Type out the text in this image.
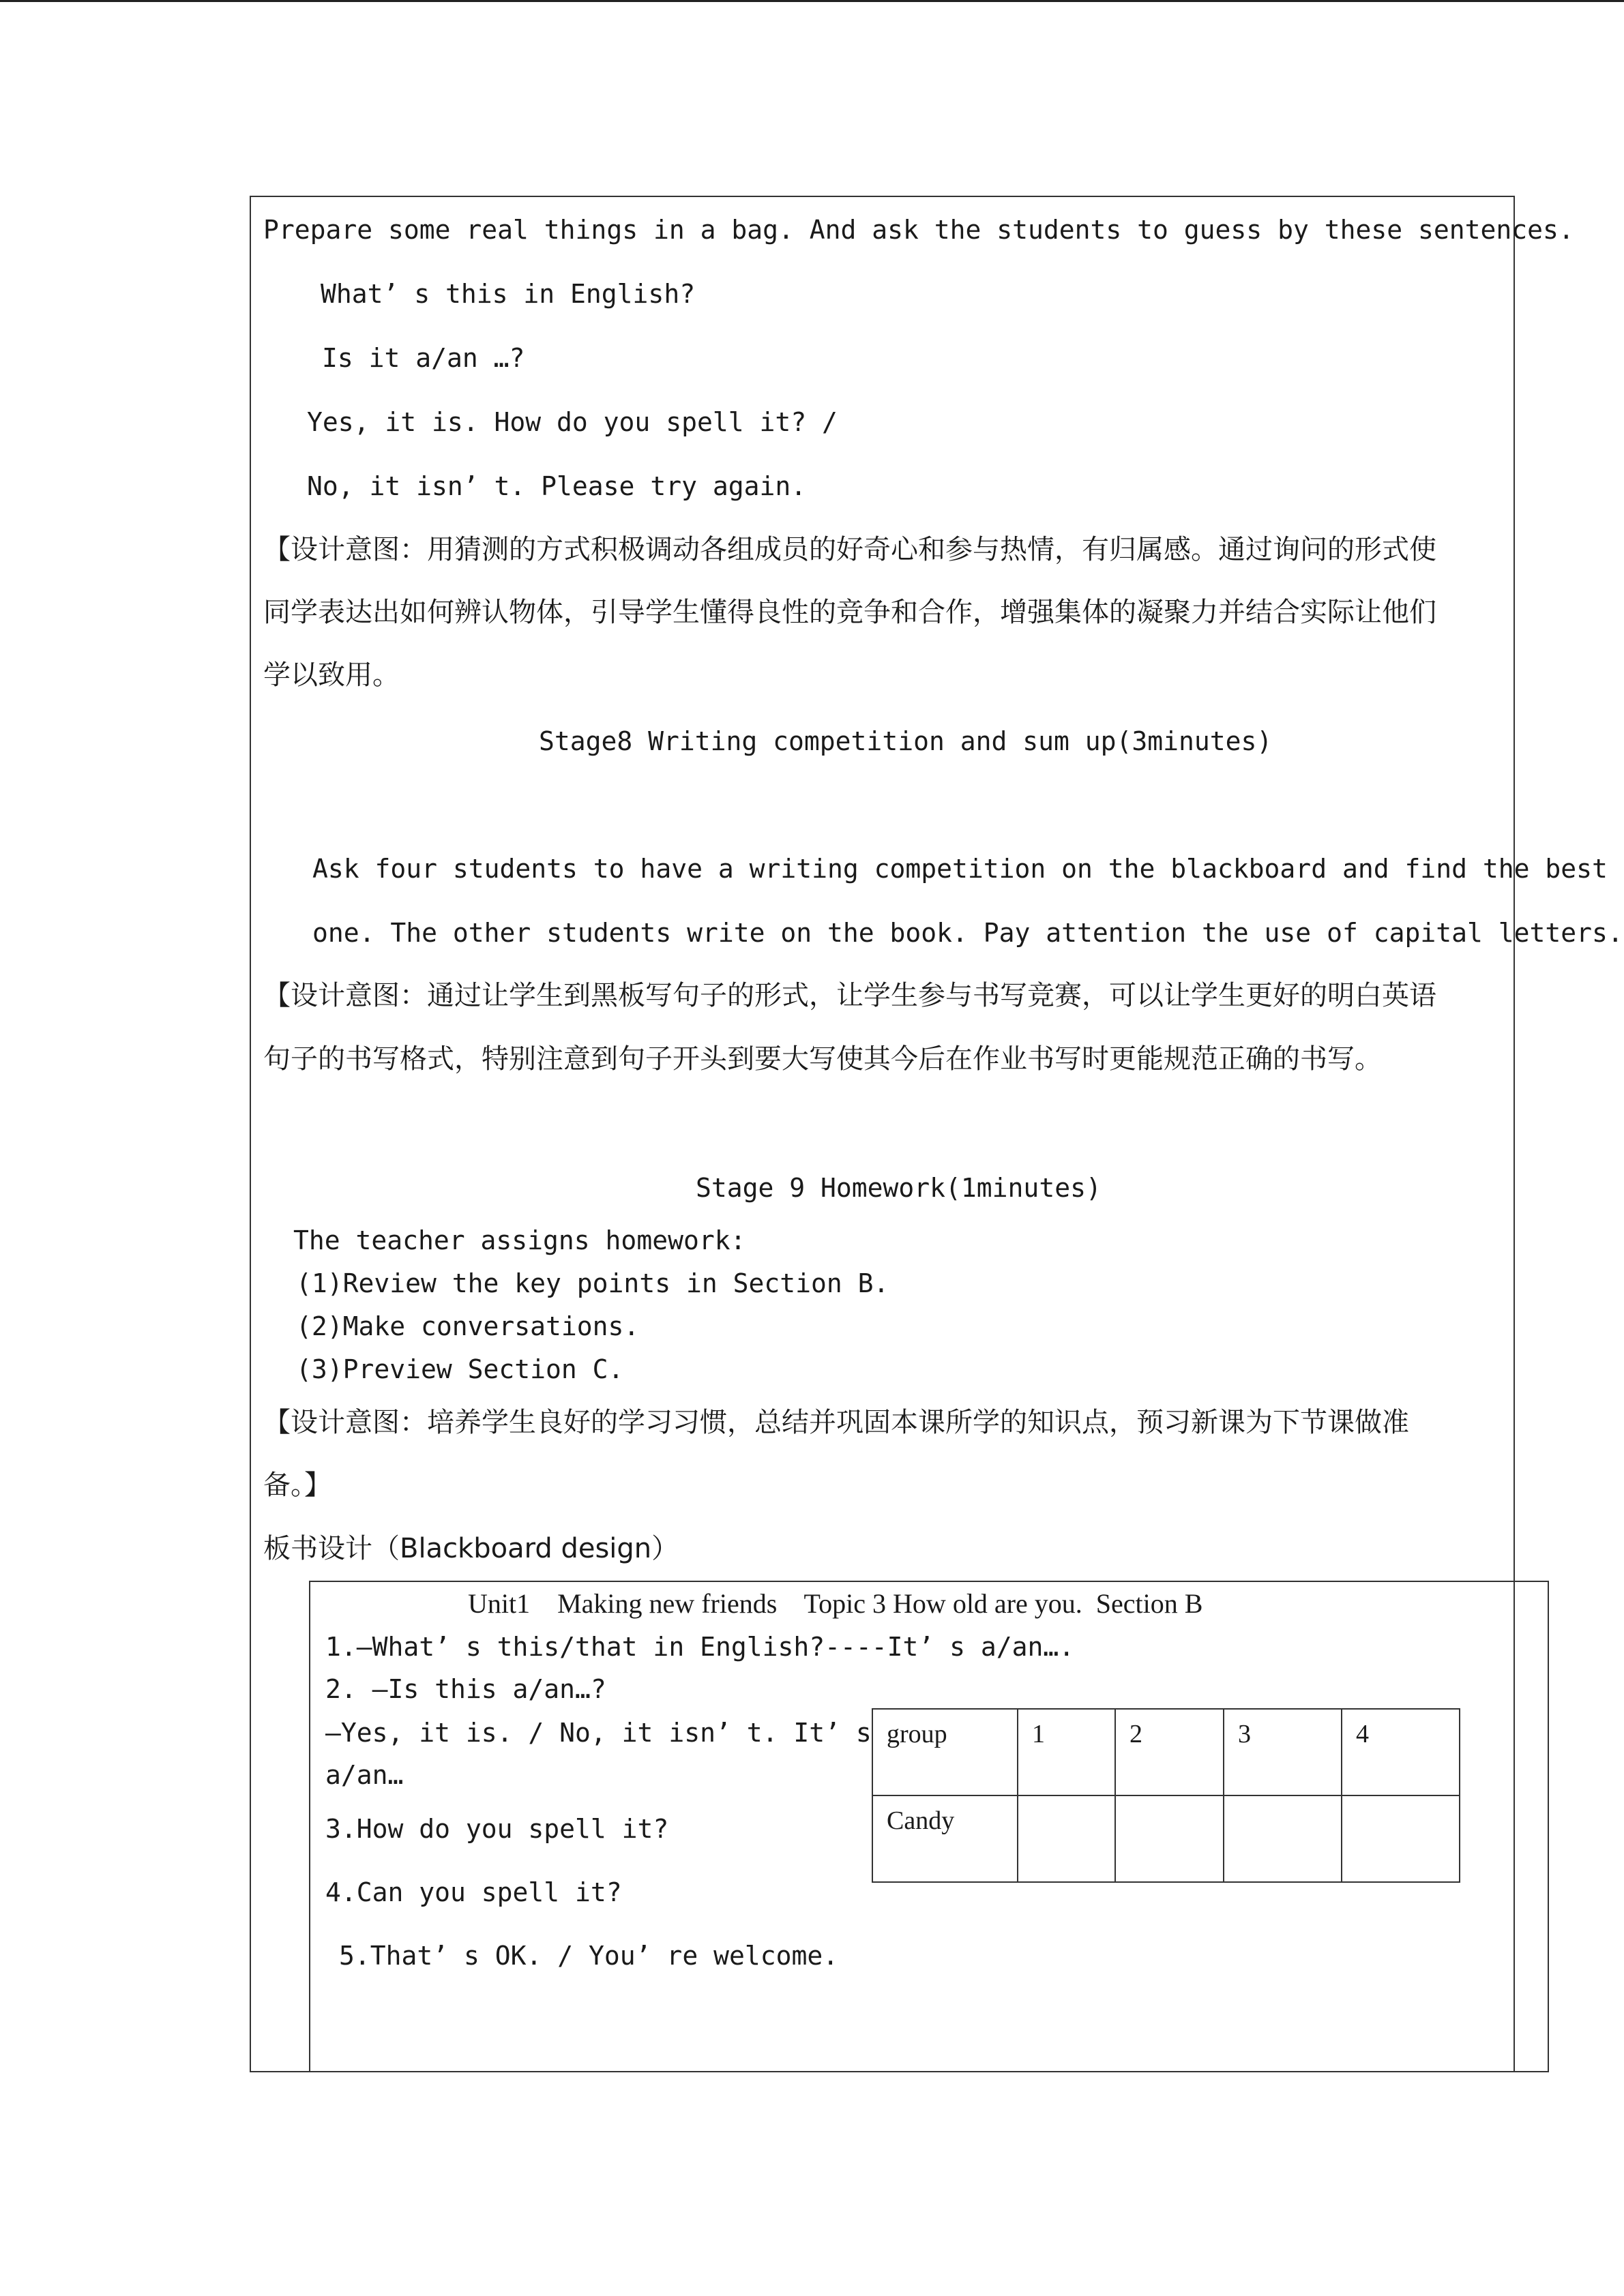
Prepare some real things in a bag. And ask the students to guess by these sentences.
What’ s this in English?
Is it a/an …?
Yes, it is. How do you spell it? /
No, it isn’ t. Please try again.
【设计意图：用猜测的方式积极调动各组成员的好奇心和参与热情，有归属感。通过询问的形式使
同学表达出如何辨认物体，引导学生懂得良性的竞争和合作，增强集体的凝聚力并结合实际让他们
学以致用。
Stage8 Writing competition and sum up(3minutes)
Ask four students to have a writing competition on the blackboard and find the best
one. The other students write on the book. Pay attention the use of capital letters.
【设计意图：通过让学生到黑板写句子的形式，让学生参与书写竞赛，可以让学生更好的明白英语
句子的书写格式，特别注意到句子开头到要大写使其今后在作业书写时更能规范正确的书写。
Stage 9 Homework(1minutes)
The teacher assigns homework:
(1)Review the key points in Section B.
(2)Make conversations.
(3)Preview Section C.
【设计意图：培养学生良好的学习习惯，总结并巩固本课所学的知识点，预习新课为下节课做准
备。】
板书设计（Blackboard design）
Unit1    Making new friends    Topic 3 How old are you.  Section B
1.—What’ s this/that in English?----It’ s a/an….
2. —Is this a/an…?
—Yes, it is. / No, it isn’ t. It’ s
a/an…
3.How do you spell it?
4.Can you spell it?
5.That’ s OK. / You’ re welcome.
group	1	2	3	4
Candy				
